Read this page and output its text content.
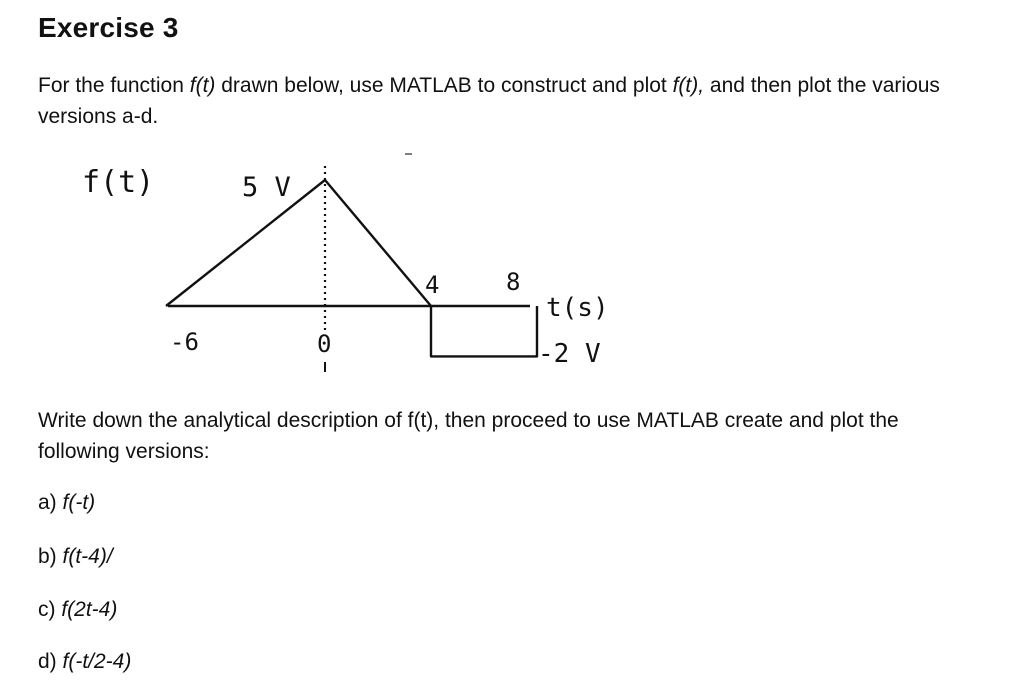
Exercise 3
For the function f(t) drawn below, use MATLAB to construct and plot f(t), and then plot the various versions a-d.
f(t)	5 V
-6	0
4	8
t(s)
-2 V
Write down the analytical description of f(t), then proceed to use MATLAB create and plot the following versions:
a) f(-t)
b) f(t-4)/
c) f(2t-4)
d) f(-t/2-4)
